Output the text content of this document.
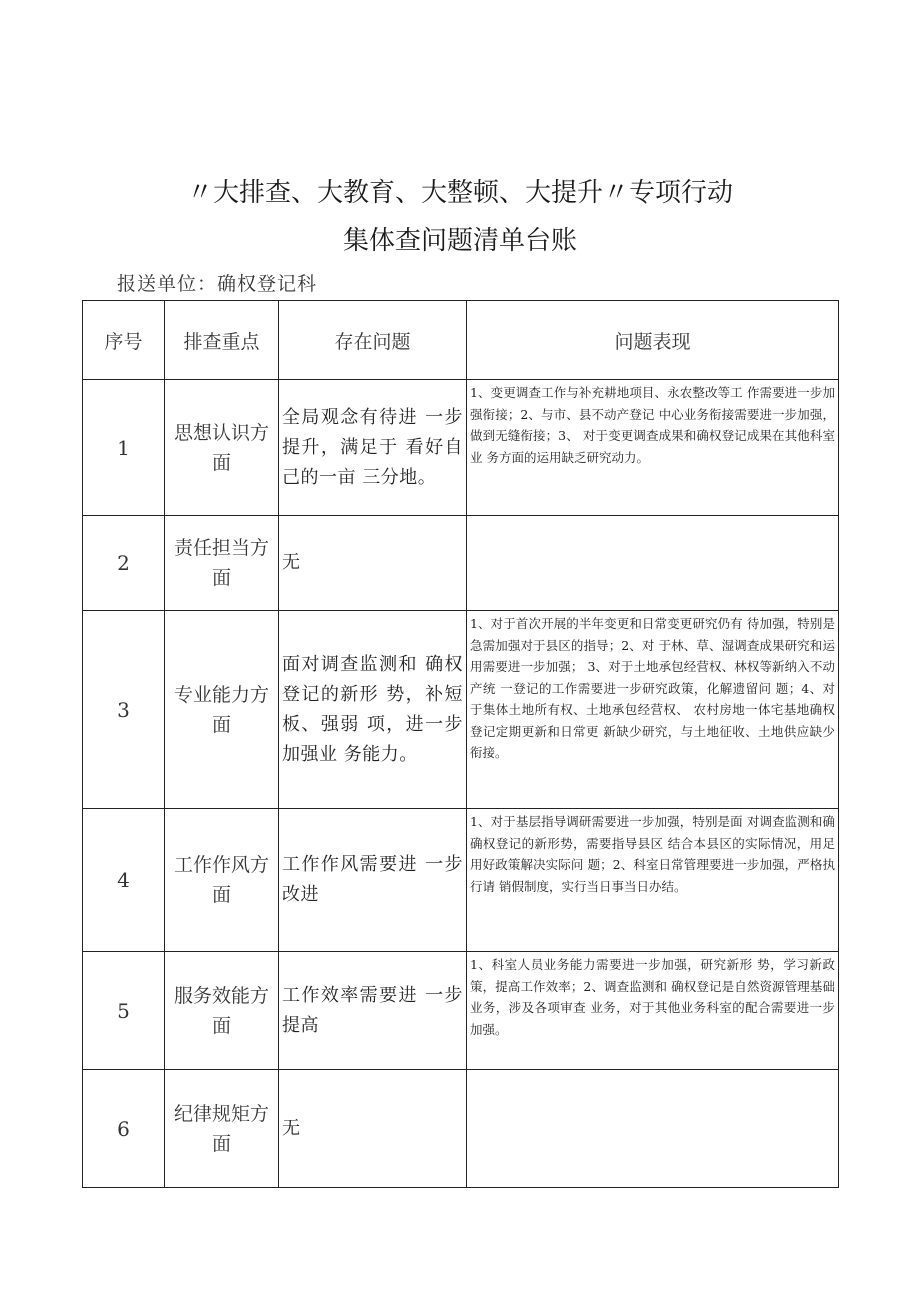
〃大排查、大教育、大整顿、大提升〃专项行动
集体查问题清单台账
报送单位：确权登记科
序号	排查重点	存在问题	问题表现
1	思想认识方面	全局观念有待进 一步提升，满足于 看好自己的一亩 三分地。	1、变更调查工作与补充耕地项目、永农整改等工 作需要进一步加强衔接；2、与市、县不动产登记 中心业务衔接需要进一步加强，做到无缝衔接；3、 对于变更调查成果和确权登记成果在其他科室业 务方面的运用缺乏研究动力。
2	责任担当方面	无	
3	专业能力方面	面对调查监测和 确权登记的新形 势，补短板、强弱 项，进一步加强业 务能力。	1、对于首次开展的半年变更和日常变更研究仍有 待加强，特别是急需加强对于县区的指导；2、对 于林、草、湿调查成果研究和运用需要进一步加强； 3、对于土地承包经营权、林权等新纳入不动产统 一登记的工作需要进一步研究政策，化解遗留问 题；4、对于集体土地所有权、土地承包经营权、 农村房地一体宅基地确权登记定期更新和日常更 新缺少研究，与土地征收、土地供应缺少衔接。
4	工作作风方面	工作作风需要进 一步改进	1、对于基层指导调研需要进一步加强，特别是面 对调查监测和确确权登记的新形势，需要指导县区 结合本县区的实际情况，用足用好政策解决实际问 题；2、科室日常管理要进一步加强，严格执行请 销假制度，实行当日事当日办结。
5	服务效能方面	工作效率需要进 一步提高	1、科室人员业务能力需要进一步加强，研究新形 势，学习新政策，提高工作效率；2、调查监测和 确权登记是自然资源管理基础业务，涉及各项审查 业务，对于其他业务科室的配合需要进一步加强。
6	纪律规矩方面	无	
